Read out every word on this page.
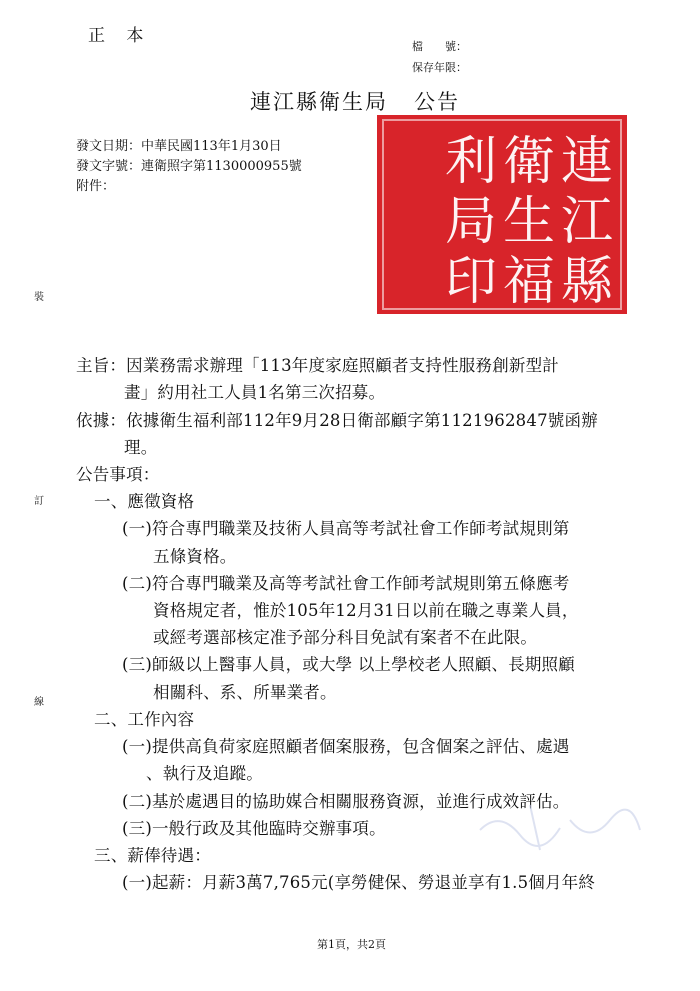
正 本
檔　　號：
保存年限：
連江縣衛生局 公告
發文日期：中華民國113年1月30日
發文字號：連衛照字第1130000955號
附件：
裝
訂
線
連
江
縣
衛
生
福
利
局
印
主旨：因業務需求辦理「113年度家庭照顧者支持性服務創新型計
畫」約用社工人員1名第三次招募。
依據：依據衛生福利部112年9月28日衛部顧字第1121962847號函辦
理。
公告事項：
一、應徵資格
(一)符合專門職業及技術人員高等考試社會工作師考試規則第
五條資格。
(二)符合專門職業及高等考試社會工作師考試規則第五條應考
資格規定者，惟於105年12月31日以前在職之專業人員，
或經考選部核定准予部分科目免試有案者不在此限。
(三)師級以上醫事人員，或大學 以上學校老人照顧、長期照顧
相關科、系、所畢業者。
二、工作內容
(一)提供高負荷家庭照顧者個案服務，包含個案之評估、處遇
、執行及追蹤。
(二)基於處遇目的協助媒合相關服務資源，並進行成效評估。
(三)一般行政及其他臨時交辦事項。
三、薪俸待遇：
(一)起薪：月薪3萬7,765元(享勞健保、勞退並享有1.5個月年終
第1頁，共2頁
